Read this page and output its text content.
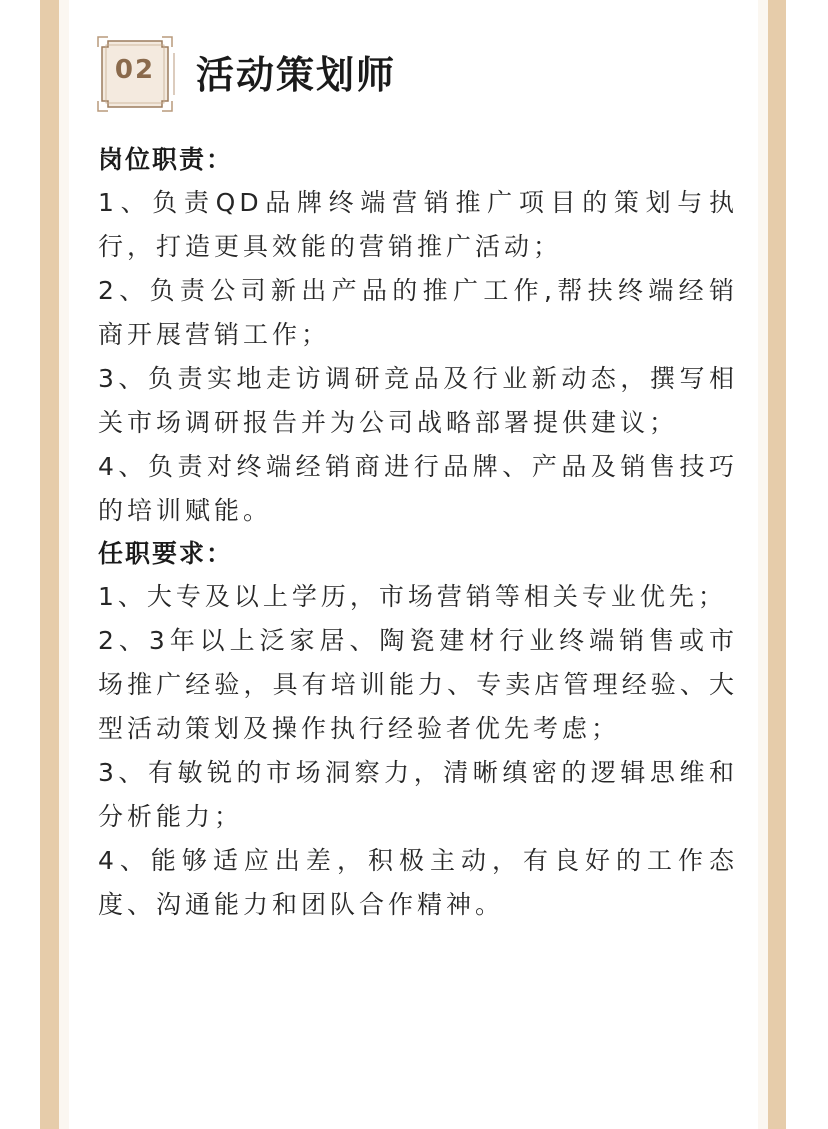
02	活动策划师
岗位职责：
1、负责QD品牌终端营销推广项目的策划与执行，打造更具效能的营销推广活动；
2、负责公司新出产品的推广工作,帮扶终端经销商开展营销工作；
3、负责实地走访调研竞品及行业新动态，撰写相关市场调研报告并为公司战略部署提供建议；
4、负责对终端经销商进行品牌、产品及销售技巧的培训赋能。
任职要求：
1、大专及以上学历，市场营销等相关专业优先；
2、3年以上泛家居、陶瓷建材行业终端销售或市场推广经验，具有培训能力、专卖店管理经验、大型活动策划及操作执行经验者优先考虑；
3、有敏锐的市场洞察力，清晰缜密的逻辑思维和分析能力；
4、能够适应出差，积极主动，有良好的工作态度、沟通能力和团队合作精神。
